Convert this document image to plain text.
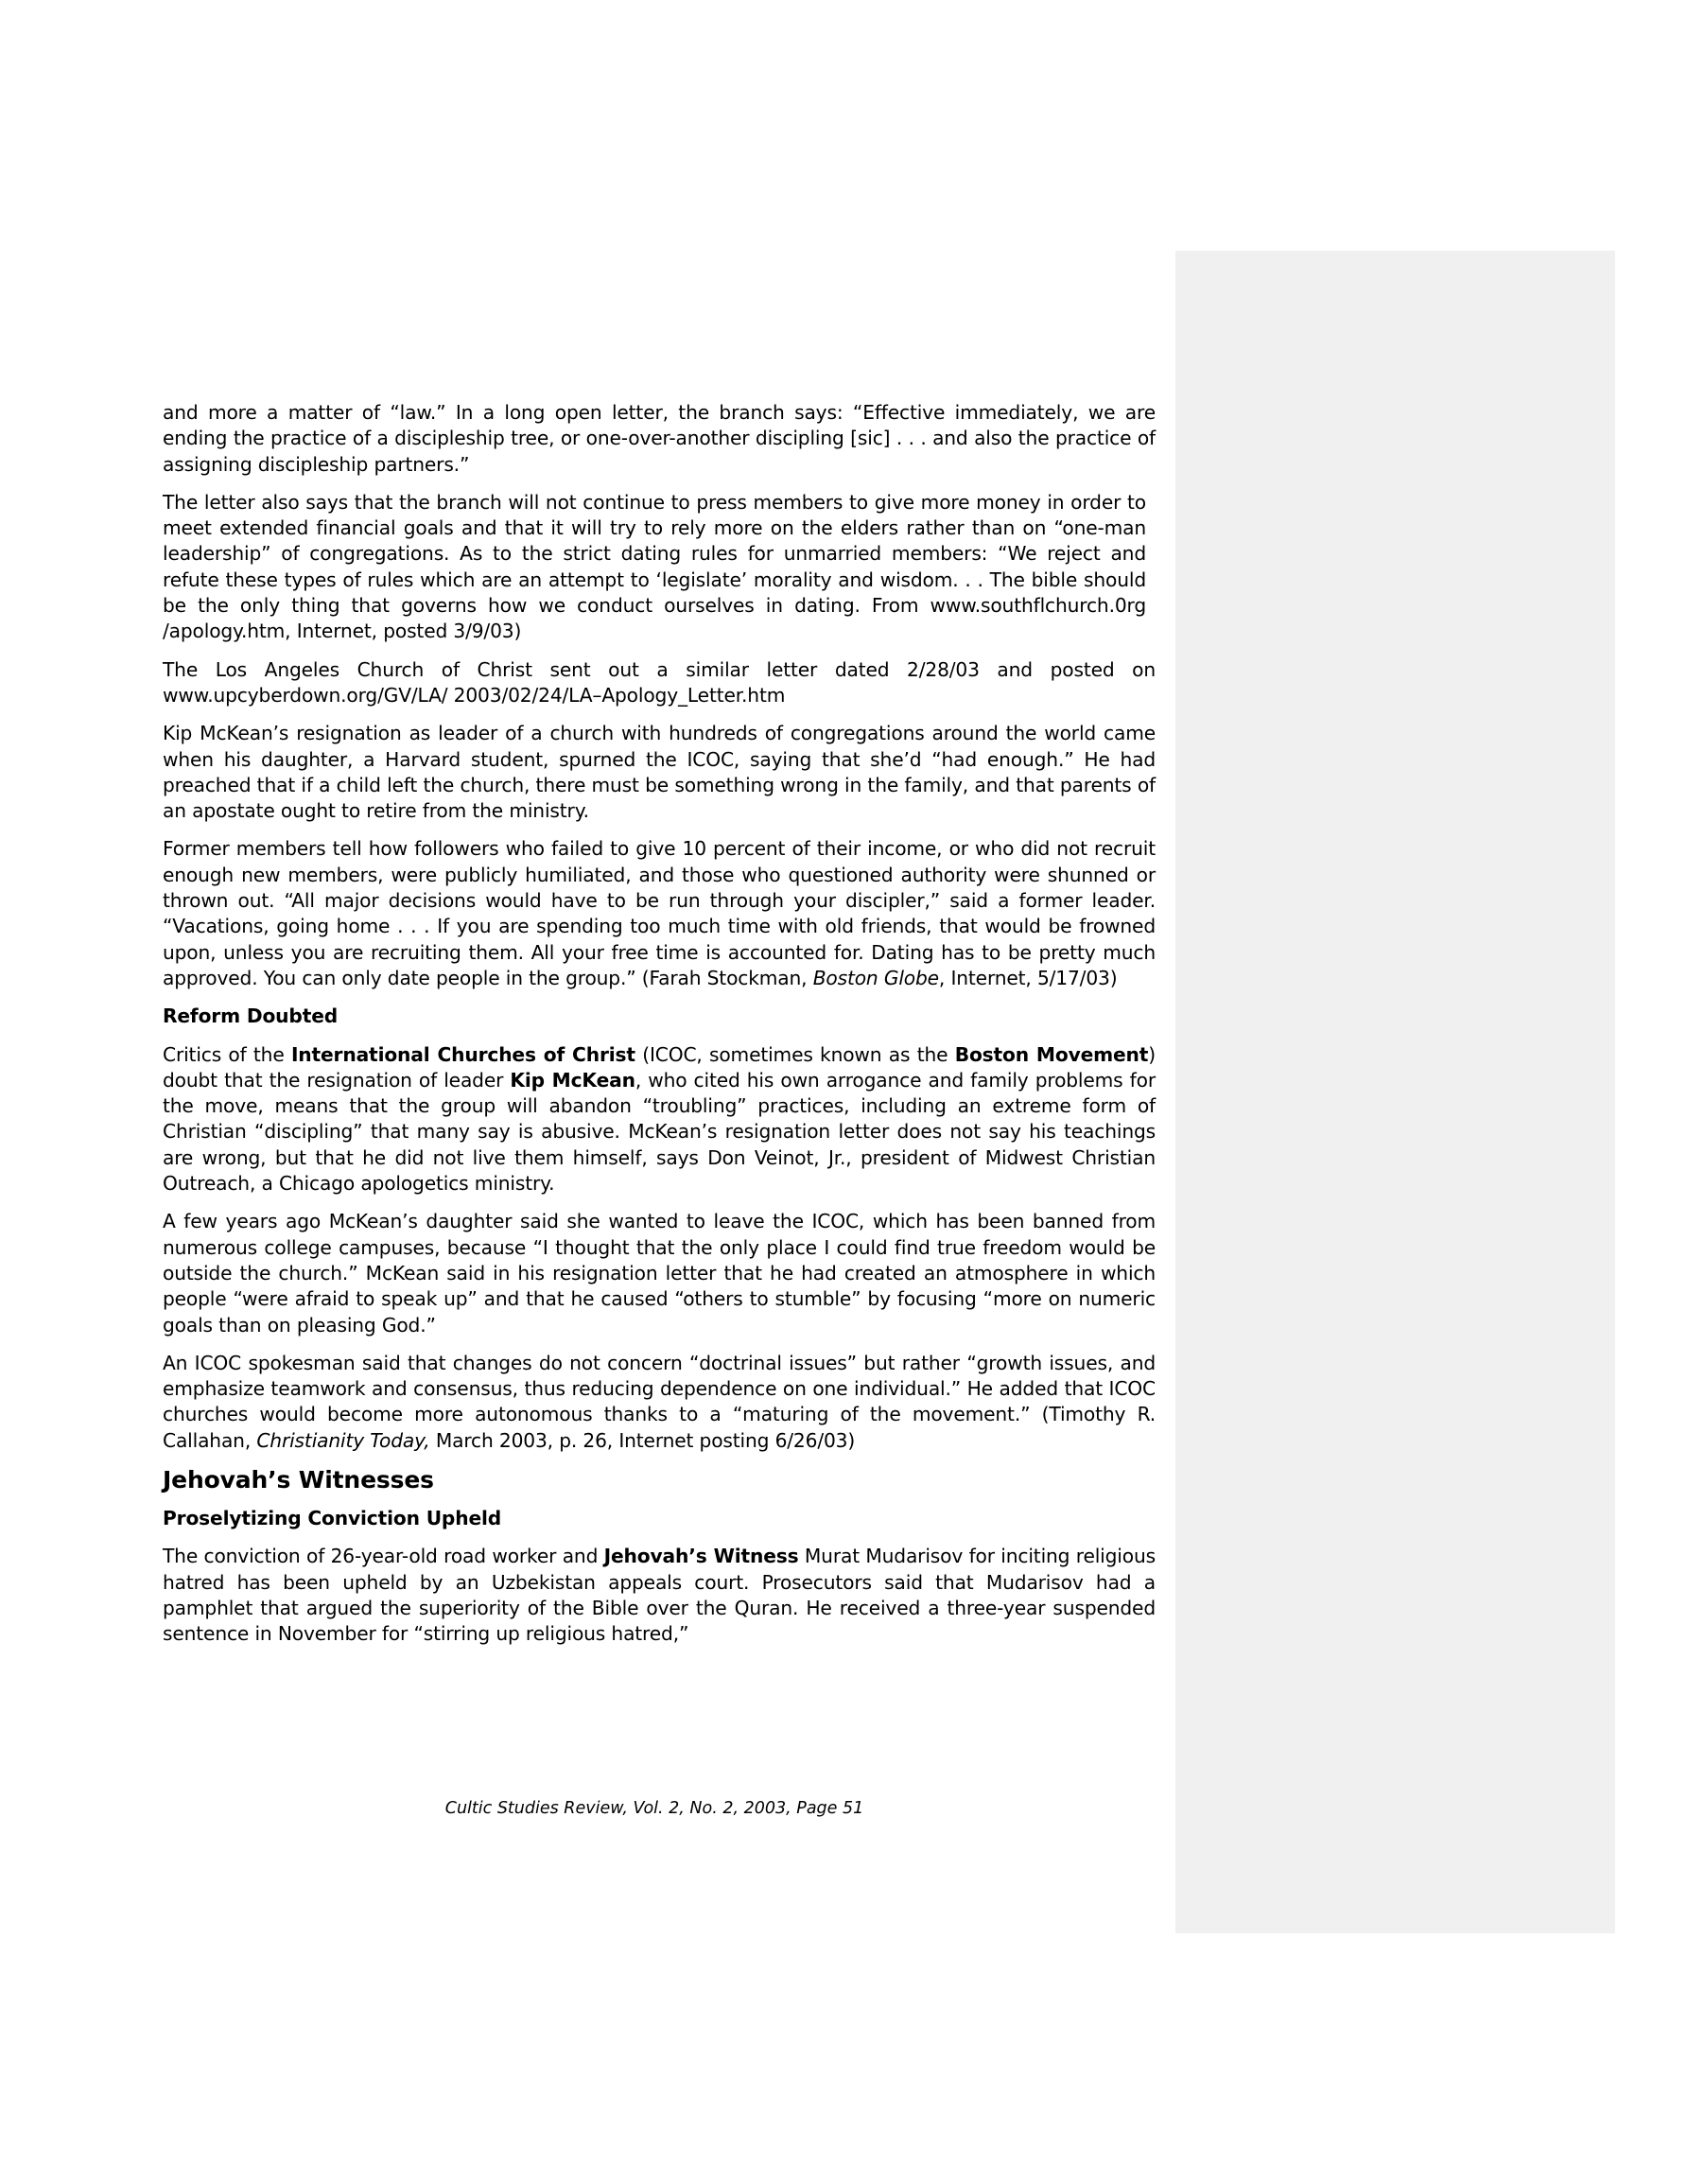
and more a matter of “law.” In a long open letter, the branch says: “Effective immediately, we are ending the practice of a discipleship tree, or one-over-another discipling [sic] . . . and also the practice of assigning discipleship partners.”

The letter also says that the branch will not continue to press members to give more money in order to meet extended financial goals and that it will try to rely more on the elders rather than on “one-man leadership” of congregations. As to the strict dating rules for unmarried members: “We reject and refute these types of rules which are an attempt to ‘legislate’ morality and wisdom. . . The bible should be the only thing that governs how we conduct ourselves in dating. From www.southflchurch.0rg /apology.htm, Internet, posted 3/9/03)

The Los Angeles Church of Christ sent out a similar letter dated 2/28/03 and posted on www.upcyberdown.org/GV/LA/ 2003/02/24/LA–Apology_Letter.htm

Kip McKean’s resignation as leader of a church with hundreds of congregations around the world came when his daughter, a Harvard student, spurned the ICOC, saying that she’d “had enough.” He had preached that if a child left the church, there must be something wrong in the family, and that parents of an apostate ought to retire from the ministry.

Former members tell how followers who failed to give 10 percent of their income, or who did not recruit enough new members, were publicly humiliated, and those who questioned authority were shunned or thrown out. “All major decisions would have to be run through your discipler,” said a former leader. “Vacations, going home . . . If you are spending too much time with old friends, that would be frowned upon, unless you are recruiting them. All your free time is accounted for. Dating has to be pretty much approved. You can only date people in the group.” (Farah Stockman, Boston Globe, Internet, 5/17/03)

Reform Doubted

Critics of the International Churches of Christ (ICOC, sometimes known as the Boston Movement) doubt that the resignation of leader Kip McKean, who cited his own arrogance and family problems for the move, means that the group will abandon “troubling” practices, including an extreme form of Christian “discipling” that many say is abusive. McKean’s resignation letter does not say his teachings are wrong, but that he did not live them himself, says Don Veinot, Jr., president of Midwest Christian Outreach, a Chicago apologetics ministry.

A few years ago McKean’s daughter said she wanted to leave the ICOC, which has been banned from numerous college campuses, because “I thought that the only place I could find true freedom would be outside the church.” McKean said in his resignation letter that he had created an atmosphere in which people “were afraid to speak up” and that he caused “others to stumble” by focusing “more on numeric goals than on pleasing God.”

An ICOC spokesman said that changes do not concern “doctrinal issues” but rather “growth issues, and emphasize teamwork and consensus, thus reducing dependence on one individual.” He added that ICOC churches would become more autonomous thanks to a “maturing of the movement.” (Timothy R. Callahan, Christianity Today, March 2003, p. 26, Internet posting 6/26/03)

Jehovah’s Witnesses
Proselytizing Conviction Upheld

The conviction of 26-year-old road worker and Jehovah’s Witness Murat Mudarisov for inciting religious hatred has been upheld by an Uzbekistan appeals court. Prosecutors said that Mudarisov had a pamphlet that argued the superiority of the Bible over the Quran. He received a three-year suspended sentence in November for “stirring up religious hatred,”

Cultic Studies Review, Vol. 2, No. 2, 2003, Page 51
